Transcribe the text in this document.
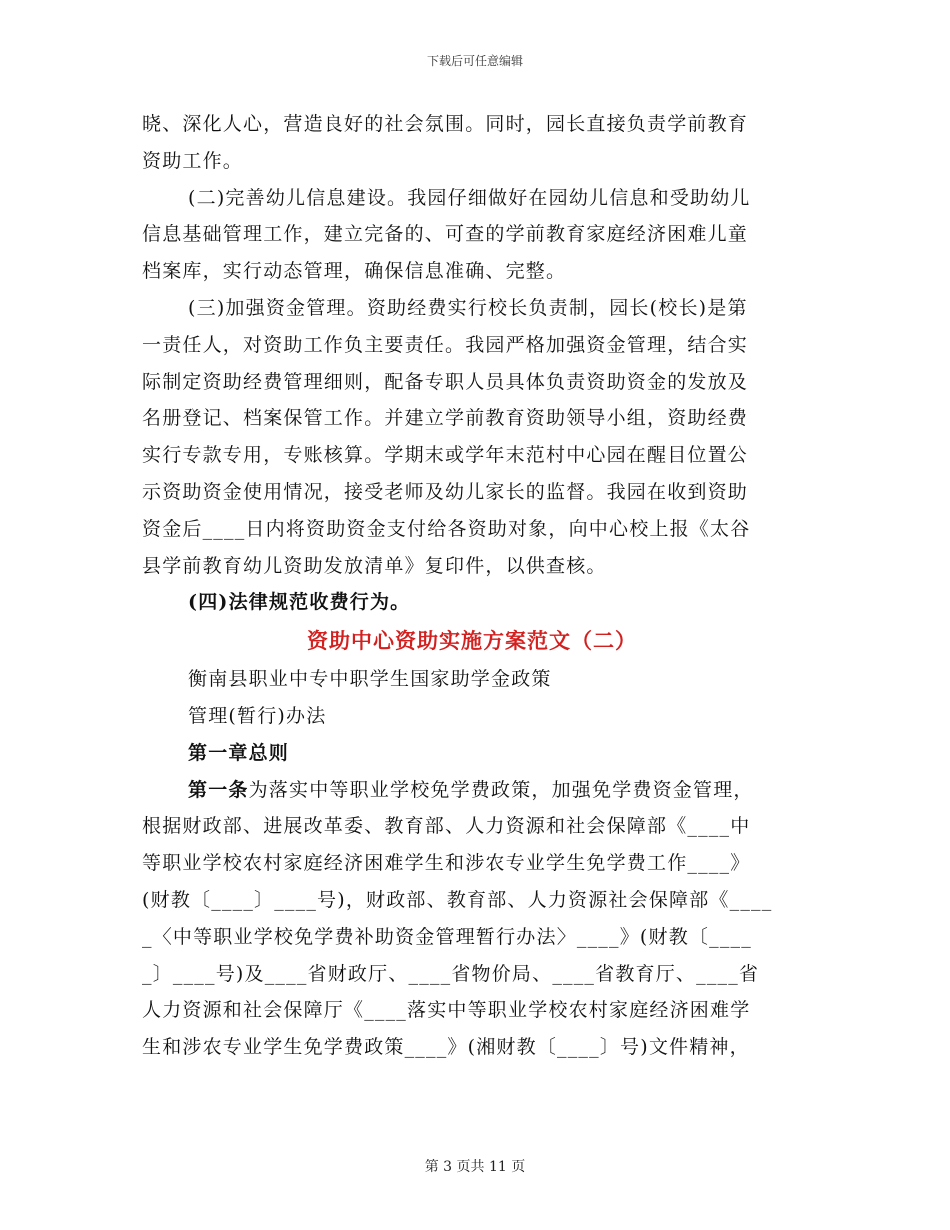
下载后可任意编辑
晓、深化人心，营造良好的社会氛围。同时，园长直接负责学前教育
资助工作。
(二)完善幼儿信息建设。我园仔细做好在园幼儿信息和受助幼儿
信息基础管理工作，建立完备的、可查的学前教育家庭经济困难儿童
档案库，实行动态管理，确保信息准确、完整。
(三)加强资金管理。资助经费实行校长负责制，园长(校长)是第
一责任人，对资助工作负主要责任。我园严格加强资金管理，结合实
际制定资助经费管理细则，配备专职人员具体负责资助资金的发放及
名册登记、档案保管工作。并建立学前教育资助领导小组，资助经费
实行专款专用，专账核算。学期末或学年末范村中心园在醒目位置公
示资助资金使用情况，接受老师及幼儿家长的监督。我园在收到资助
资金后____日内将资助资金支付给各资助对象，向中心校上报《太谷
县学前教育幼儿资助发放清单》复印件，以供查核。
(四)法律规范收费行为。
资助中心资助实施方案范文（二）
衡南县职业中专中职学生国家助学金政策
管理(暂行)办法
第一章总则
第一条为落实中等职业学校免学费政策，加强免学费资金管理，
根据财政部、进展改革委、教育部、人力资源和社会保障部《____中
等职业学校农村家庭经济困难学生和涉农专业学生免学费工作____》
(财教〔____〕____号)，财政部、教育部、人力资源社会保障部《____
_〈中等职业学校免学费补助资金管理暂行办法〉____》(财教〔____
_〕____号)及____省财政厅、____省物价局、____省教育厅、____省
人力资源和社会保障厅《____落实中等职业学校农村家庭经济困难学
生和涉农专业学生免学费政策____》(湘财教〔____〕号)文件精神，
第 3 页共 11 页
